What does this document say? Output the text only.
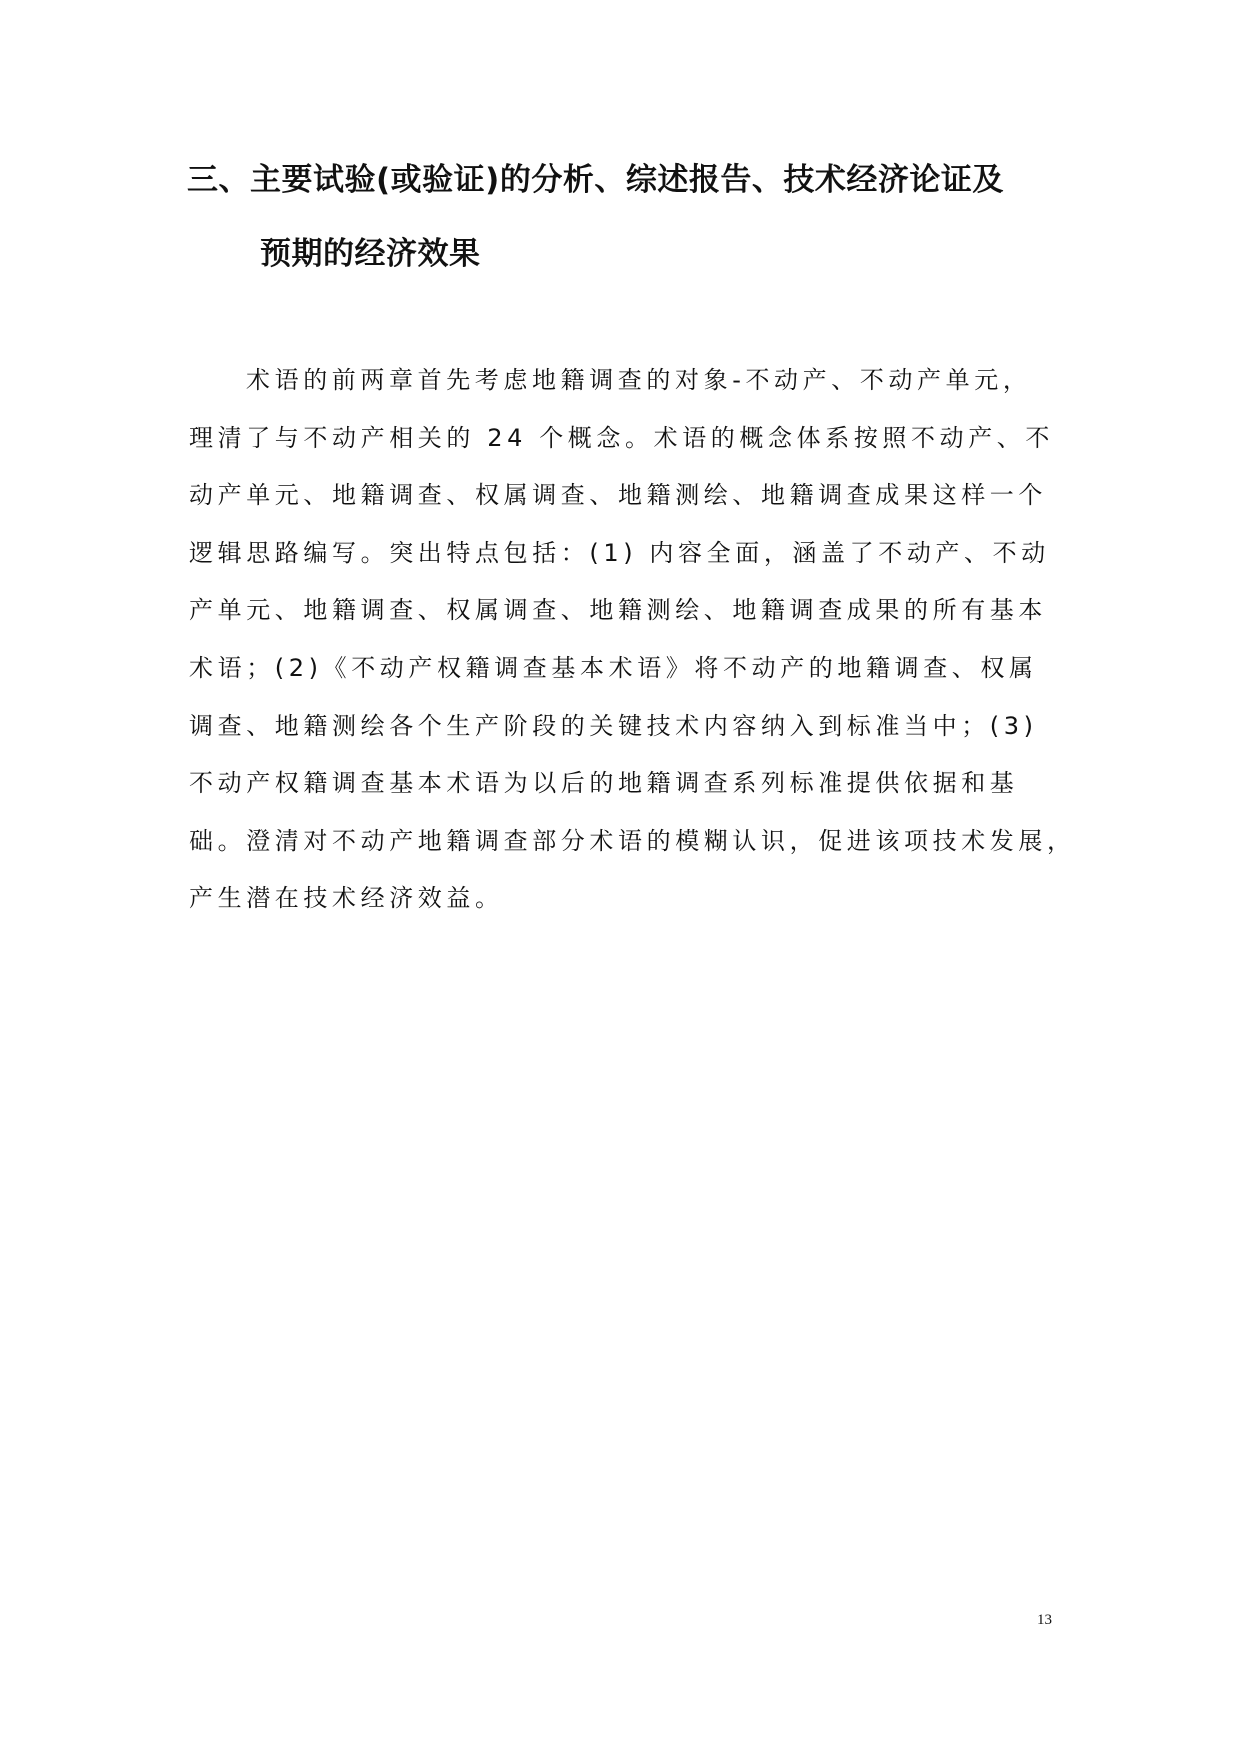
三、主要试验(或验证)的分析、综述报告、技术经济论证及
预期的经济效果
术语的前两章首先考虑地籍调查的对象-不动产、不动产单元，
理清了与不动产相关的 24 个概念。术语的概念体系按照不动产、不
动产单元、地籍调查、权属调查、地籍测绘、地籍调查成果这样一个
逻辑思路编写。突出特点包括：(1) 内容全面，涵盖了不动产、不动
产单元、地籍调查、权属调查、地籍测绘、地籍调查成果的所有基本
术语；(2)《不动产权籍调查基本术语》将不动产的地籍调查、权属
调查、地籍测绘各个生产阶段的关键技术内容纳入到标准当中；(3)
不动产权籍调查基本术语为以后的地籍调查系列标准提供依据和基
础。澄清对不动产地籍调查部分术语的模糊认识，促进该项技术发展，
产生潜在技术经济效益。
13
